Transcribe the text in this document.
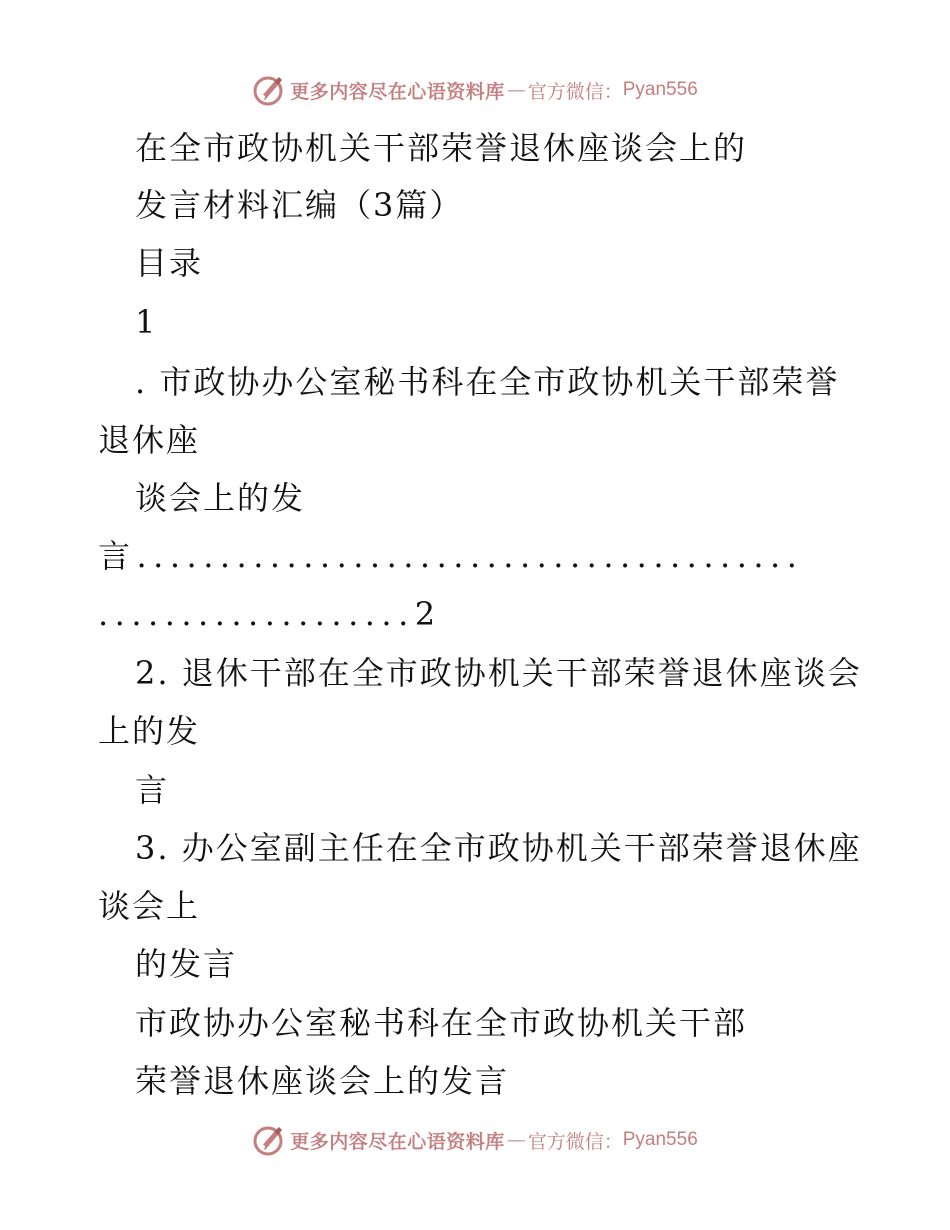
更多内容尽在心语资料库 — 官方微信： Pyan556
在全市政协机关干部荣誉退休座谈会上的
发言材料汇编（3篇）
目录
1
. 市政协办公室秘书科在全市政协机关干部荣誉
退休座
谈会上的发
言........................................
...................2
2. 退休干部在全市政协机关干部荣誉退休座谈会
上的发
言
3. 办公室副主任在全市政协机关干部荣誉退休座
谈会上
的发言
市政协办公室秘书科在全市政协机关干部
荣誉退休座谈会上的发言
更多内容尽在心语资料库 — 官方微信： Pyan556
